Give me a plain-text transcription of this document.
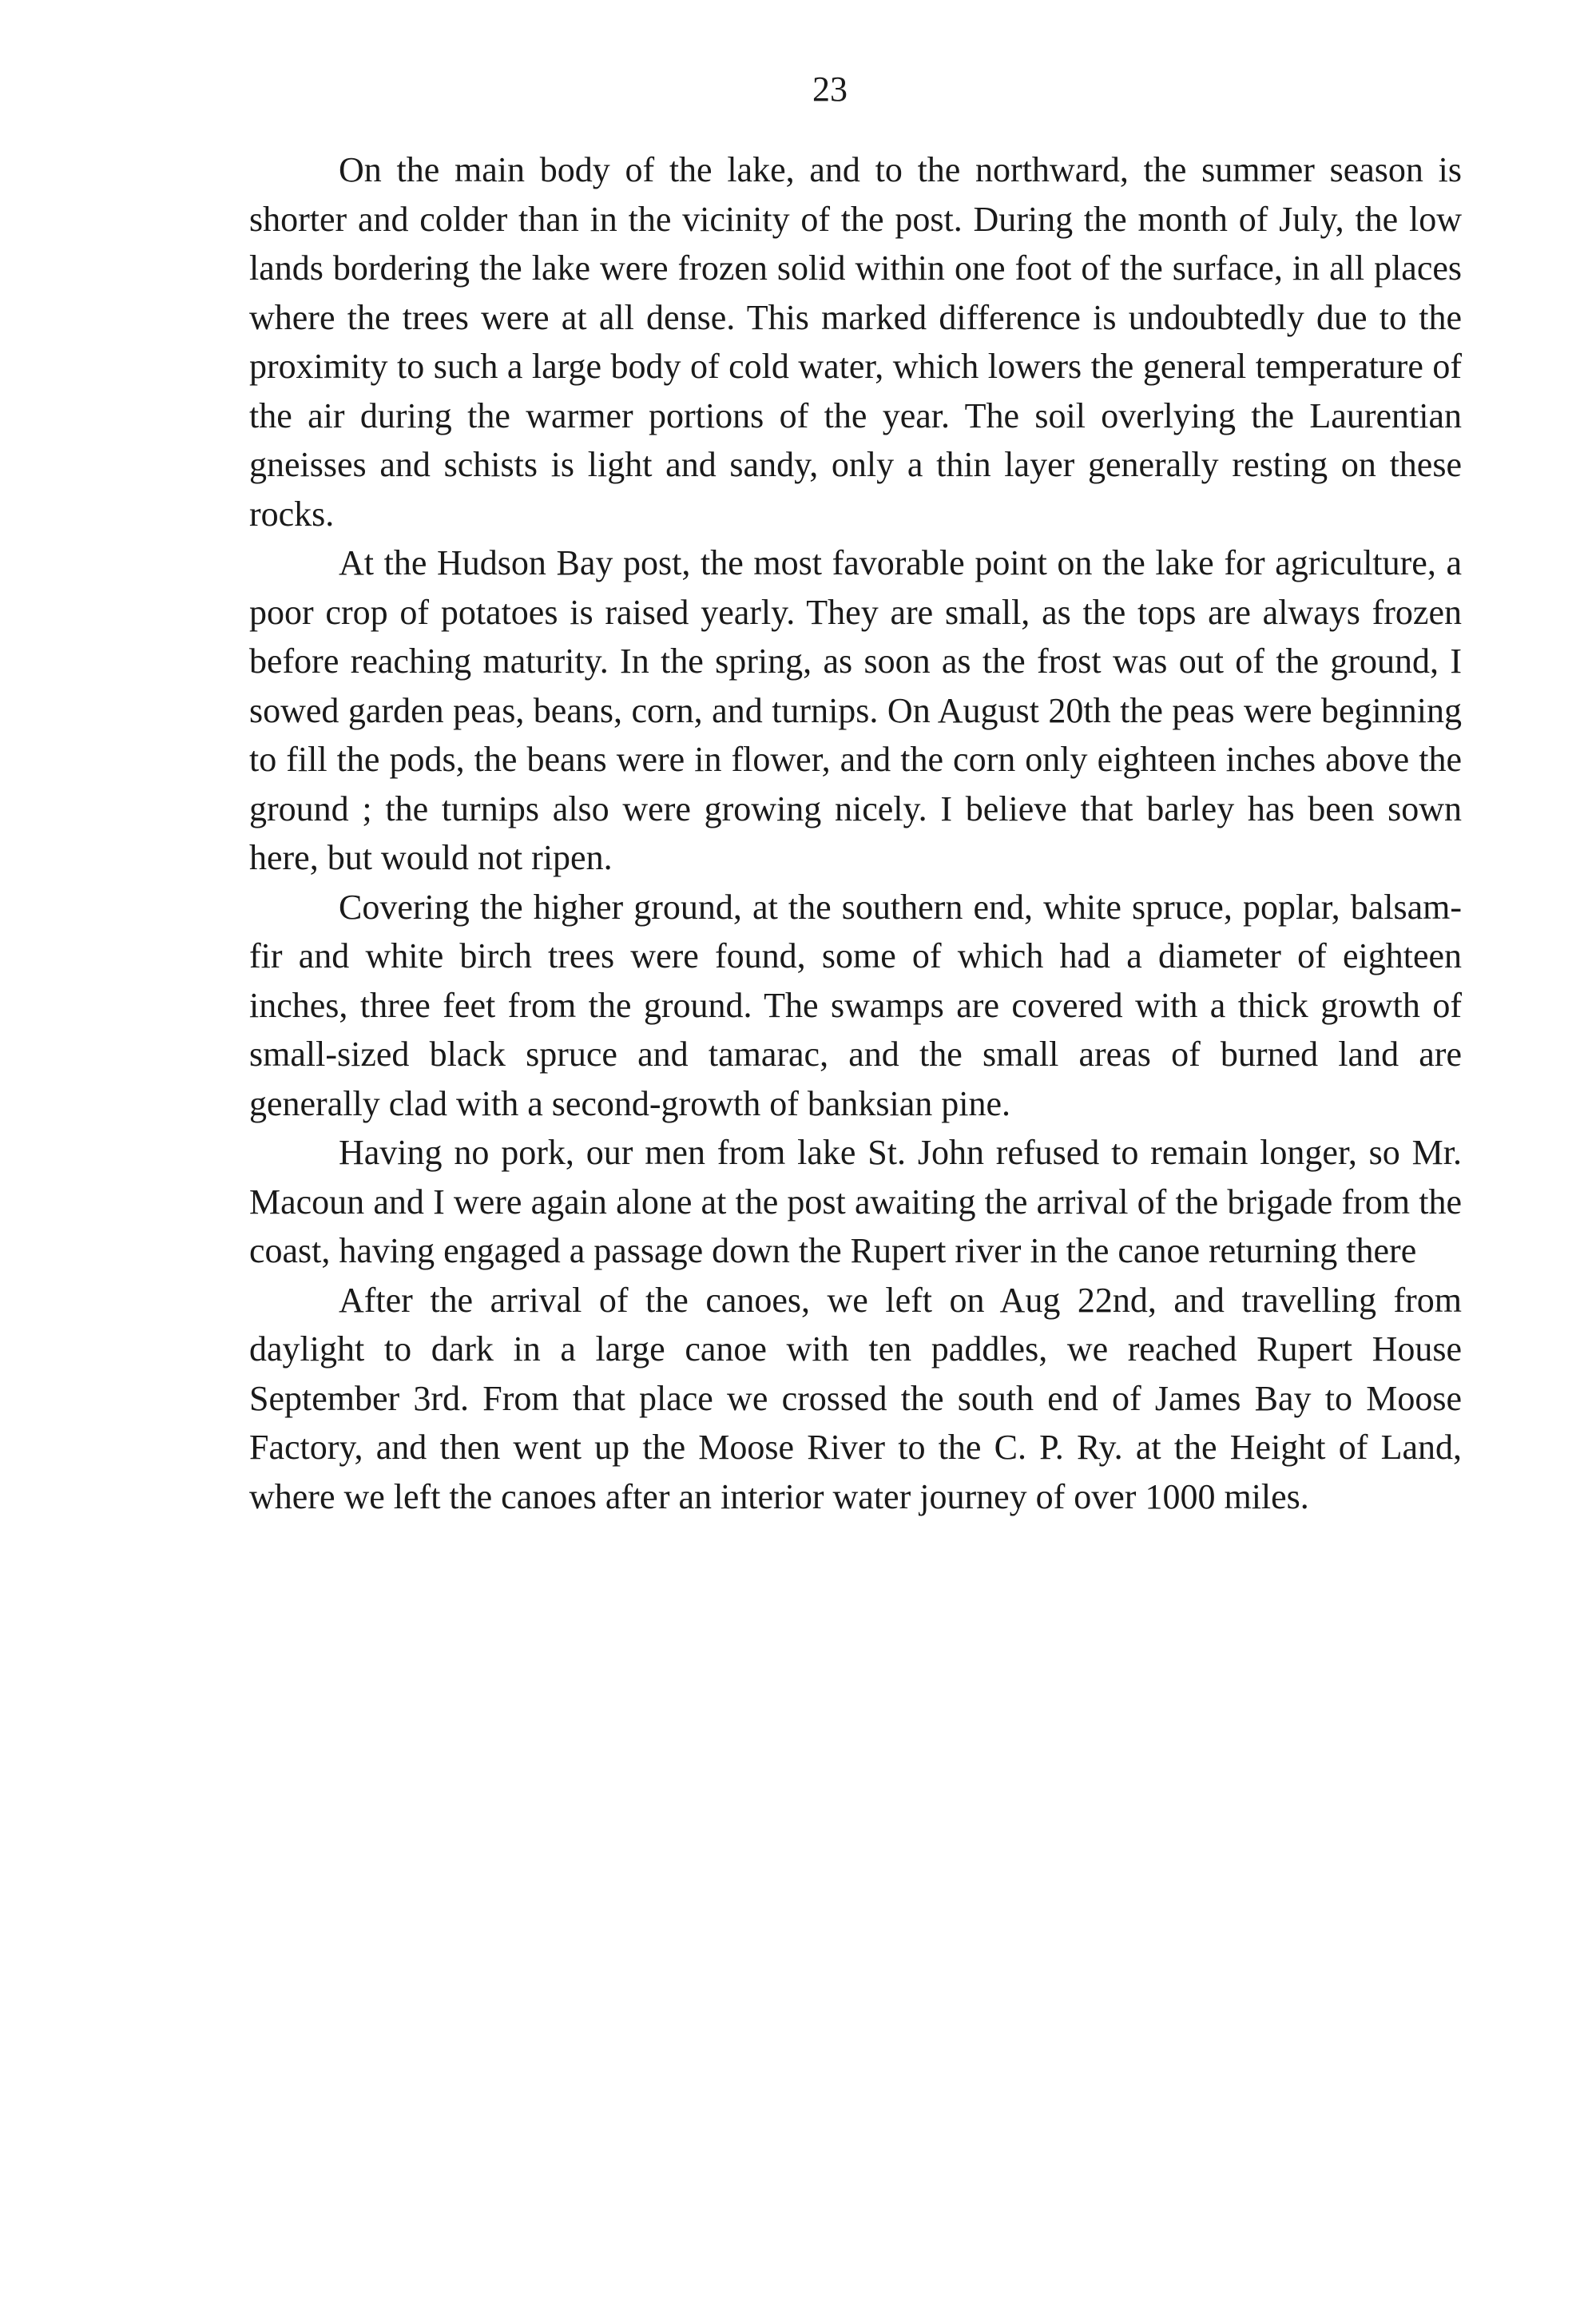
23

On the main body of the lake, and to the northward, the summer season is shorter and colder than in the vicinity of the post. During the month of July, the low lands bordering the lake were frozen solid within one foot of the surface, in all places where the trees were at all dense. This marked difference is undoubtedly due to the proximity to such a large body of cold water, which lowers the general temperature of the air during the warmer portions of the year. The soil overlying the Laurentian gneisses and schists is light and sandy, only a thin layer generally resting on these rocks.

At the Hudson Bay post, the most favorable point on the lake for agriculture, a poor crop of potatoes is raised yearly. They are small, as the tops are always frozen before reaching maturity. In the spring, as soon as the frost was out of the ground, I sowed garden peas, beans, corn, and turnips. On August 20th the peas were beginning to fill the pods, the beans were in flower, and the corn only eighteen inches above the ground ; the turnips also were growing nicely. I believe that barley has been sown here, but would not ripen.

Covering the higher ground, at the southern end, white spruce, poplar, balsam-fir and white birch trees were found, some of which had a diameter of eighteen inches, three feet from the ground. The swamps are covered with a thick growth of small-sized black spruce and tamarac, and the small areas of burned land are generally clad with a second-growth of banksian pine.

Having no pork, our men from lake St. John refused to remain longer, so Mr. Macoun and I were again alone at the post awaiting the arrival of the brigade from the coast, having engaged a passage down the Rupert river in the canoe returning there

After the arrival of the canoes, we left on Aug 22nd, and travelling from daylight to dark in a large canoe with ten paddles, we reached Rupert House September 3rd. From that place we crossed the south end of James Bay to Moose Factory, and then went up the Moose River to the C. P. Ry. at the Height of Land, where we left the canoes after an interior water journey of over 1000 miles.
